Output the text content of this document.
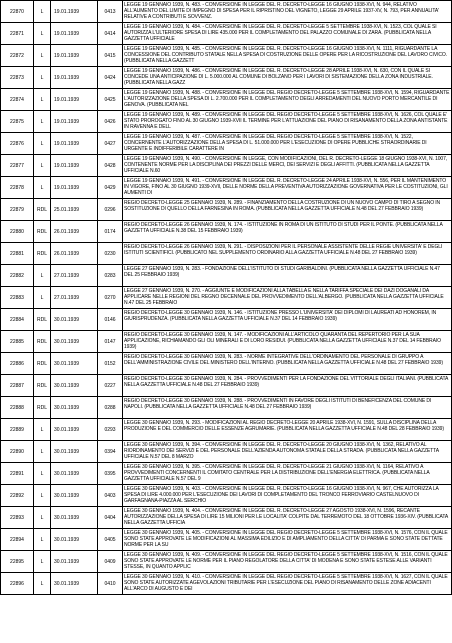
22870	L	19.01.1939	0413	LEGGE 19 GENNAIO 1939, N. 483. - CONVERSIONE IN LEGGE DEL R. DECRETO-LEGGE 16 GIUGNO 1938-XVI, N. 944, RELATIVO ALL'AUMENTO DEL LIMITE DI IMPEGNO DI SPESA PER IL RIPRISTINO DEL VIGNETO, LEGGE 29 APRILE 1937-XV, N. 793, PER ANNUALITA' RELATIVE A CONTRIBUTI E SOVVENZ.

22871	L	19.01.1939	0414	LEGGE 19 GENNAIO 1939, N. 484. - CONVERSIONE IN LEGGE DEL R. DECRETO-LEGGE 5 SETTEMBRE 1938-XVI, N. 1523, COL QUALE SI AUTORIZZA L'ULTERIORE SPESA DI LIRE 435.000 PER IL COMPLETAMENTO DEL PALAZZO COMUNALE DI ZARA. (PUBBLICATA NELLA GAZZETTA UFFICIALE

22872	L	19.01.1939	0415	LEGGE 19 GENNAIO 1939, N. 485. - CONVERSIONE IN LEGGE DEL R. DECRETO-LEGGE 16 GIUGNO 1938-XVI, N. 1111, RIGUARDANTE LA CONCESSIONE DEL CONTRIBUTO STATALE NELLA SPESA DI COSTRUZIONE DELLE OPERE PER LA RICOSTRUZIONE DEL LAVORO CIVICO. (PUBBLICATA NELLA GAZZETT

22873	L	19.01.1939	0424	LEGGE 19 GENNAIO 1939, N. 486. - CONVERSIONE IN LEGGE DEL R. DECRETO-LEGGE 28 APRILE 1938-XVI, N. 630, CON IL QUALE SI CONCEDE UNA ANTICIPAZIONE DI L. 5.000.000 AL COMUNE DI BOLZANO PER I LAVORI DI SISTEMAZIONE DELLA ZONA INDUSTRIALE. (PUBBLICATA NELLA GAZZ

22874	L	19.01.1939	0425	LEGGE 19 GENNAIO 1939, N. 488. - CONVERSIONE IN LEGGE DEL REGIO DECRETO-LEGGE 5 SETTEMBRE 1938-XVI, N. 1594, RIGUARDANTE L'AUTORIZZAZIONE DELLA SPESA DI L. 2.700.000 PER IL COMPLETAMENTO DEGLI ARREDAMENTI DEL NUOVO PORTO MERCANTILE DI GENOVA. (PUBBLICATA NEL

22875	L	19.01.1939	0426	LEGGE 19 GENNAIO 1939, N. 489. - CONVERSIONE IN LEGGE DEL REGIO DECRETO-LEGGE 5 SETTEMBRE 1938-XVI, N. 1626, COL QUALE E' STATO PROROGATO FINO AL 30 GIUGNO 1939-XVII IL TERMINE PER L'ATTUAZIONE DEL PIANO DI RISANAMENTO DELLA ZONA ANTISTANTE IN RAVENNA E DELL

22876	L	19.01.1939	0427	LEGGE 19 GENNAIO 1939, N. 487. - CONVERSIONE IN LEGGE DEL REGIO DECRETO-LEGGE 5 SETTEMBRE 1938-XVI, N. 1522, CONCERNENTE L'AUTORIZZAZIONE DELLA SPESA DI L. 51.000.000 PER L'ESECUZIONE DI OPERE PUBBLICHE STRAORDINARIE DI URGENTE E INDIFFERIBILE CARATTERE IN

22877	L	19.01.1939	0428	LEGGE 19 GENNAIO 1939, N. 490. - CONVERSIONE IN LEGGE, CON MODIFICAZIONI, DEL R. DECRETO-LEGGE 18 GIUGNO 1938-XVI, N. 1007, CONTENENTE NORME PER LA DISCIPLINA DEI PREZZI DELLE MERCI, DEI SERVIZI E DEGLI AFFITTI. (PUBBLICATA NELLA GAZZETTA UFFICIALE N.60

22878	L	19.01.1939	0429	LEGGE 19 GENNAIO 1939, N. 491. - CONVERSIONE IN LEGGE DEL R. DECRETO-LEGGE 24 APRILE 1938-XVI, N. 556, PER IL MANTENIMENTO IN VIGORE, FINO AL 30 GIUGNO 1939-XVII, DELLE NORME DELLA PREVENTIVA AUTORIZZAZIONE GOVERNATIVA PER LE COSTITUZIONI, GLI AUMENTI DI

22879	RDL	25.01.1939	0296	REGIO DECRETO-LEGGE 25 GENNAIO 1939, N. 289. - FINANZIAMENTO DELLA COSTRUZIONE DI UN NUOVO CAMPO DI TIRO A SEGNO IN SOSTITUZIONE DI QUELLO DELLA FARNESINA IN ROMA. (PUBBLICATA NELLA GAZZETTA UFFICIALE N.48 DEL 27 FEBBRAIO 1939)

22880	RDL	26.01.1939	0174	REGIO DECRETO-LEGGE 26 GENNAIO 1939, N. 174. - ISTITUZIONE IN ROMA DI UN ISTITUTO DI STUDI PER IL PONTE. (PUBBLICATA NELLA GAZZETTA UFFICIALE N.38 DEL 15 FEBBRAIO 1939)

22881	RDL	26.01.1939	0230	REGIO DECRETO-LEGGE 26 GENNAIO 1939, N. 291. - DISPOSIZIONI PER IL PERSONALE ASSISTENTE DELLE REGIE UNIVERSITA' E DEGLI ISTITUTI SCIENTIFICI. (PUBBLICATO NEL SUPPLEMENTO ORDINARIO ALLA GAZZETTA UFFICIALE N.48 DEL 27 FEBBRAIO 1939)

22882	L	27.01.1939	0283	LEGGE 27 GENNAIO 1939, N. 283. - FONDAZIONE DELL'ISTITUTO DI STUDI GARIBALDINI. (PUBBLICATA NELLA GAZZETTA UFFICIALE N.47 DEL 25 FEBBRAIO 1939)

22883	L	27.01.1939	0270	LEGGE 27 GENNAIO 1939, N. 270. - AGGIUNTE E MODIFICAZIONI ALLA TABELLA E NELLA TARIFFA SPECIALE DEI DAZI DOGANALI DA APPLICARE NELLE REGIONI DEL REGNO DECENNALE DEL PROVVEDIMENTO DELL'ALBERGO. (PUBBLICATA NELLA GAZZETTA UFFICIALE N.47 DEL 25 FEBBRAIO

22884	RDL	30.01.1939	0146	REGIO DECRETO-LEGGE 30 GENNAIO 1939, N. 146. - ISTITUZIONE PRESSO L'UNIVERSITA' DEI DIPLOMI DI LAUREATI AD HONOREM, IN GIURISPRUDENZA. (PUBBLICATA NELLA GAZZETTA UFFICIALE N.37 DEL 14 FEBBRAIO 1939)

22885	RDL	30.01.1939	0147	REGIO DECRETO-LEGGE 30 GENNAIO 1939, N. 147. - MODIFICAZIONI ALL'ARTICOLO QUARANTA DEL REPERTORIO PER LA SUA APPLICAZIONE, RICHIAMANDO GLI OLI MINERALI E DI LORO RESIDUI. (PUBBLICATA NELLA GAZZETTA UFFICIALE N.37 DEL 14 FEBBRAIO 1939)

22886	RDL	30.01.1939	0152	REGIO DECRETO-LEGGE 30 GENNAIO 1939, N. 283. - NORME INTEGRATIVE DELL'ORDINAMENTO DEL PERSONALE DI GRUPPO A DELL'AMMINISTRAZIONE CIVILE DEL MINISTERO DELL'INTERNO. (PUBBLICATA NELLA GAZZETTA UFFICIALE N.48 DEL 27 FEBBRAIO 1939)

22887	RDL	30.01.1939	0227	REGIO DECRETO-LEGGE 30 GENNAIO 1939, N. 284. - PROVVEDIMENTI PER LA FONDAZIONE DEL VITTORIALE DEGLI ITALIANI. (PUBBLICATA NELLA GAZZETTA UFFICIALE N.48 DEL 27 FEBBRAIO 1939)

22888	RDL	30.01.1939	0288	REGIO DECRETO-LEGGE 30 GENNAIO 1939, N. 288. - PROVVEDIMENTI IN FAVORE DEGLI ISTITUTI DI BENEFICENZA DEL COMUNE DI NAPOLI. (PUBBLICATA NELLA GAZZETTA UFFICIALE N.48 DEL 27 FEBBRAIO 1939)

22889	L	30.01.1939	0293	LEGGE 30 GENNAIO 1939, N. 293. - MODIFICAZIONI AL REGIO DECRETO-LEGGE 20 APRILE 1938-XVI, N. 1591, SULLA DISCIPLINA DELLA PRODUZIONE E DEL COMMERCIO DELLE ESSENZE AGRUMARIE. (PUBBLICATA NELLA GAZZETTA UFFICIALE N.48 DEL 28 FEBBRAIO 1939)

22890	L	30.01.1939	0394	LEGGE 30 GENNAIO 1939, N. 394. - CONVERSIONE IN LEGGE DEL R. DECRETO-LEGGE 20 GIUGNO 1938-XVI, N. 1362, RELATIVO AL RIORDINAMENTO DEI SERVIZI E DEL PERSONALE DELL'AZIENDA AUTONOMA STATALE DELLA STRADA. (PUBBLICATA NELLA GAZZETTA UFFICIALE N.57 DEL 8 MARZO

22891	L	30.01.1939	0395	LEGGE 30 GENNAIO 1939, N. 395. - CONVERSIONE IN LEGGE DEL R. DECRETO-LEGGE 21 GIUGNO 1938-XVI, N. 1164, RELATIVO A PROVVEDIMENTI CONCERNENTI IL COMITATO CENTRALE PER LA DISTRIBUZIONE DELL'ENERGIA ELETTRICA. (PUBBLICATA NELLA GAZZETTA UFFICIALE N.57 DEL 9

22892	L	30.01.1939	0403	LEGGE 30 GENNAIO 1939, N. 403. - CONVERSIONE IN LEGGE DEL R. DECRETO-LEGGE 16 GIUGNO 1938-XVI, N. 967, CHE AUTORIZZA LA SPESA DI LIRE 4.000.000 PER L'ESECUZIONE DEI LAVORI DI COMPLETAMENTO DEL TRONCO FERROVIARIO CASTELNUOVO DI GARFAGNANA-PIAZZA AL SERCHIO

22893	L	30.01.1939	0404	LEGGE 30 GENNAIO 1939, N. 404. - CONVERSIONE IN LEGGE DEL R. DECRETO-LEGGE 27 AGOSTO 1938-XVI, N. 1596, RECANTE AUTORIZZAZIONE DELLA SPESA DI LIRE 15 MILIONI PER LE LOCALITA' COLPITE DAL TERREMOTO DEL 18 OTTOBRE 1936-XIV. (PUBBLICATA NELLA GAZZETTA UFFICIA

22894	L	30.01.1939	0405	LEGGE 30 GENNAIO 1939, N. 405. - CONVERSIONE IN LEGGE DEL REGIO DECRETO-LEGGE 5 SETTEMBRE 1938-XVI, N. 1576, CON IL QUALE SONO STATE APPROVATE LE MODIFICAZIONI AL MASSIMA EDILIZIO E DI AMPLIAMENTO DELLA CITTA' DI PARMA E SONO STATE DETTATE NORME PER LA SU

22895	L	30.01.1939	0409	LEGGE 30 GENNAIO 1939, N. 409. - CONVERSIONE IN LEGGE DEL REGIO DECRETO-LEGGE 5 SETTEMBRE 1938-XVI, N. 1516, CON IL QUALE SONO STATE APPROVATE LE NORME PER IL PIANO REGOLATORE DELLA CITTA' DI MODENA E SONO STATE ESTESE ALLE VARIANTI STESSE, IN QUANTO APPLIC

22896	L	30.01.1939	0410	LEGGE 30 GENNAIO 1939, N. 410. - CONVERSIONE IN LEGGE DEL REGIO DECRETO-LEGGE 5 SETTEMBRE 1938-XVI, N. 1627, CON IL QUALE SONO STATE AUTORIZZATE AGEVOLAZIONI TRIBUTARIE PER L'ESECUZIONE DEL PIANO DI RISANAMENTO DELLE ZONE ADIACENTI ALL'ARCO DI AUGUSTO E DEI
